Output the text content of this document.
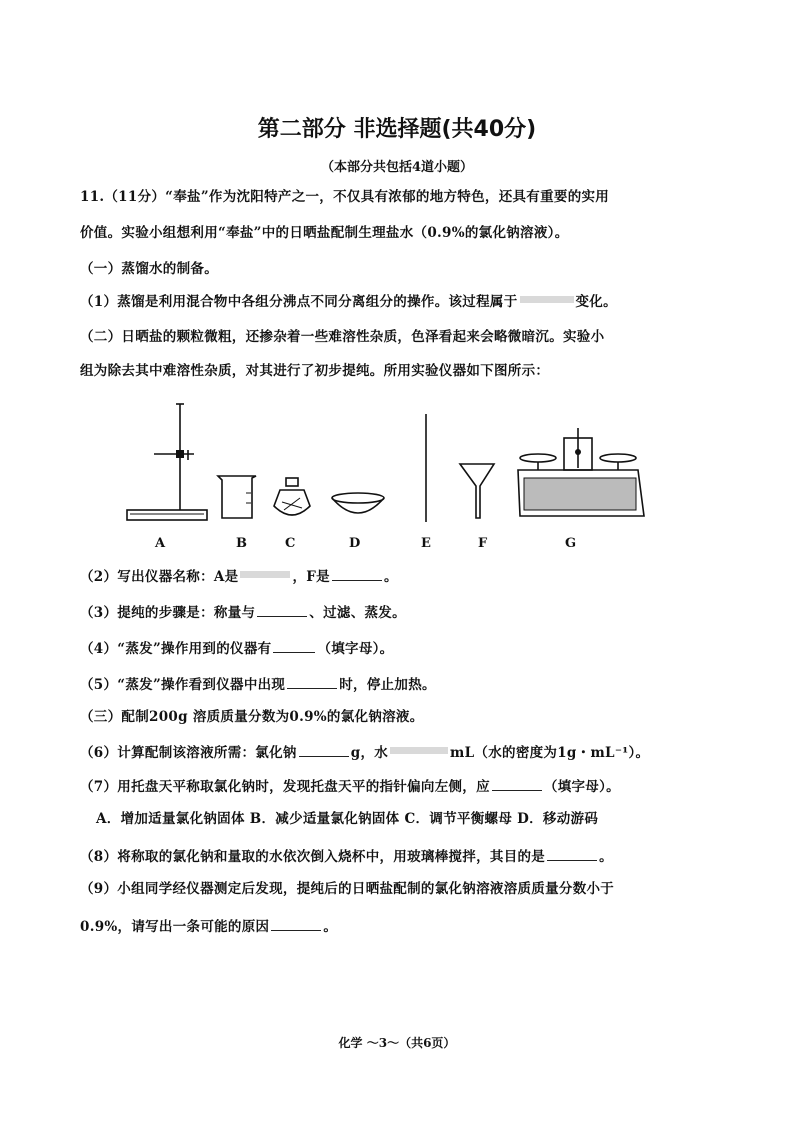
第二部分 非选择题(共40分)
（本部分共包括4道小题）
11.（11分）“奉盐”作为沈阳特产之一，不仅具有浓郁的地方特色，还具有重要的实用
价值。实验小组想利用“奉盐”中的日晒盐配制生理盐水（0.9%的氯化钠溶液）。
（一）蒸馏水的制备。
（1）蒸馏是利用混合物中各组分沸点不同分离组分的操作。该过程属于	变化。
（二）日晒盐的颗粒微粗，还掺杂着一些难溶性杂质，色泽看起来会略微暗沉。实验小
组为除去其中难溶性杂质，对其进行了初步提纯。所用实验仪器如下图所示：
A	B	C	D	E	F	G
（2）写出仪器名称：A是	，F是	。
（3）提纯的步骤是：称量与	、过滤、蒸发。
（4）“蒸发”操作用到的仪器有	（填字母）。
（5）“蒸发”操作看到仪器中出现	时，停止加热。
（三）配制200g 溶质质量分数为0.9%的氯化钠溶液。
（6）计算配制该溶液所需：氯化钠	g，水	mL（水的密度为1g・mL⁻¹）。
（7）用托盘天平称取氯化钠时，发现托盘天平的指针偏向左侧，应	（填字母）。
A．增加适量氯化钠固体 B．减少适量氯化钠固体 C．调节平衡螺母 D．移动游码
（8）将称取的氯化钠和量取的水依次倒入烧杯中，用玻璃棒搅拌，其目的是	。
（9）小组同学经仪器测定后发现，提纯后的日晒盐配制的氯化钠溶液溶质质量分数小于
0.9%，请写出一条可能的原因	。
化学 ～3～（共6页）
